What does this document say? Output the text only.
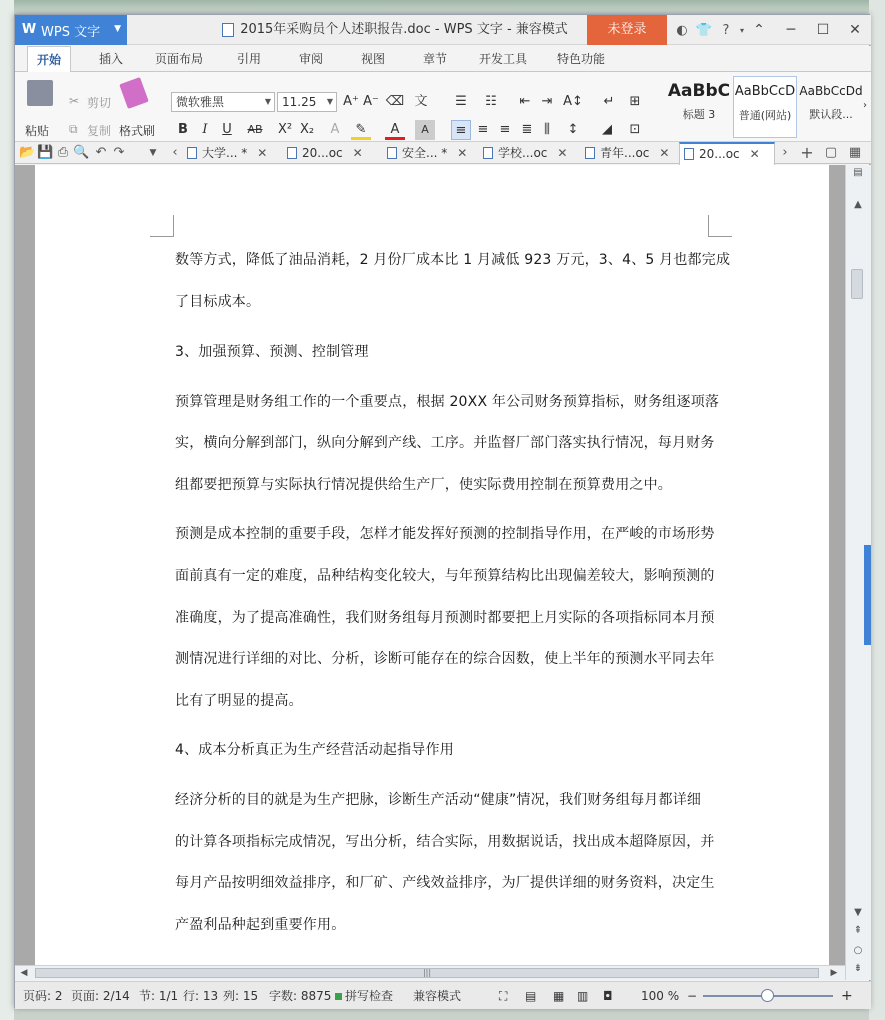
W WPS 文字 ▼	2015年采购员个人述职报告.doc - WPS 文字 - 兼容模式	未登录	◐ 👕 ?	▾ ⌃	─	☐	✕
开始	插入	页面布局	引用	审阅	视图	章节	开发工具	特色功能
粘贴
✂ 剪切
⧉ 复制 格式刷
微软雅黑	▼ 11.25 ▼ A⁺ A⁻ ⌫ 文
B	I	U	AB X² X₂	A	✎	A	A
☰	☷	⇤ ⇥ A↕	↵	⊞
≡ ≡ ≡ ≣ ⫼	↕	◢	⊡
AaBbC
标题 3
AaBbCcD
普通(网站)
AaBbCcDd
默认段...
›
📂 💾 ⎙ 🔍 ↶ ↷	▼	‹	大学... * ✕	20...oc ✕	安全... * ✕	学校...oc ✕	青年...oc ✕	20...oc ✕	› + ▢ ▦
数等方式，降低了油品消耗，2 月份厂成本比 1 月减低 923 万元，3、4、5 月也都完成
了目标成本。
3、加强预算、预测、控制管理
预算管理是财务组工作的一个重要点，根据 20XX 年公司财务预算指标，财务组逐项落
实，横向分解到部门，纵向分解到产线、工序。并监督厂部门落实执行情况，每月财务
组都要把预算与实际执行情况提供给生产厂，使实际费用控制在预算费用之中。
预测是成本控制的重要手段，怎样才能发挥好预测的控制指导作用，在严峻的市场形势
面前真有一定的难度，品种结构变化较大，与年预算结构比出现偏差较大，影响预测的
准确度，为了提高准确性，我们财务组每月预测时都要把上月实际的各项指标同本月预
测情况进行详细的对比、分析，诊断可能存在的综合因数，使上半年的预测水平同去年
比有了明显的提高。
4、成本分析真正为生产经营活动起指导作用
经济分析的目的就是为生产把脉，诊断生产活动“健康”情况，我们财务组每月都详细
的计算各项指标完成情况，写出分析，结合实际，用数据说话，找出成本超降原因，并
每月产品按明细效益排序，和厂矿、产线效益排序，为厂提供详细的财务资料，决定生
产盈利品种起到重要作用。
▤
▲
▼
⇞
○
⇟
◀	|||	▶
页码: 2 页面: 2/14 节: 1/1 行: 13 列: 15 字数: 8875	拼写检查 兼容模式	⛶ ▤ ▦ ▥ ◘ 100 % −	+
